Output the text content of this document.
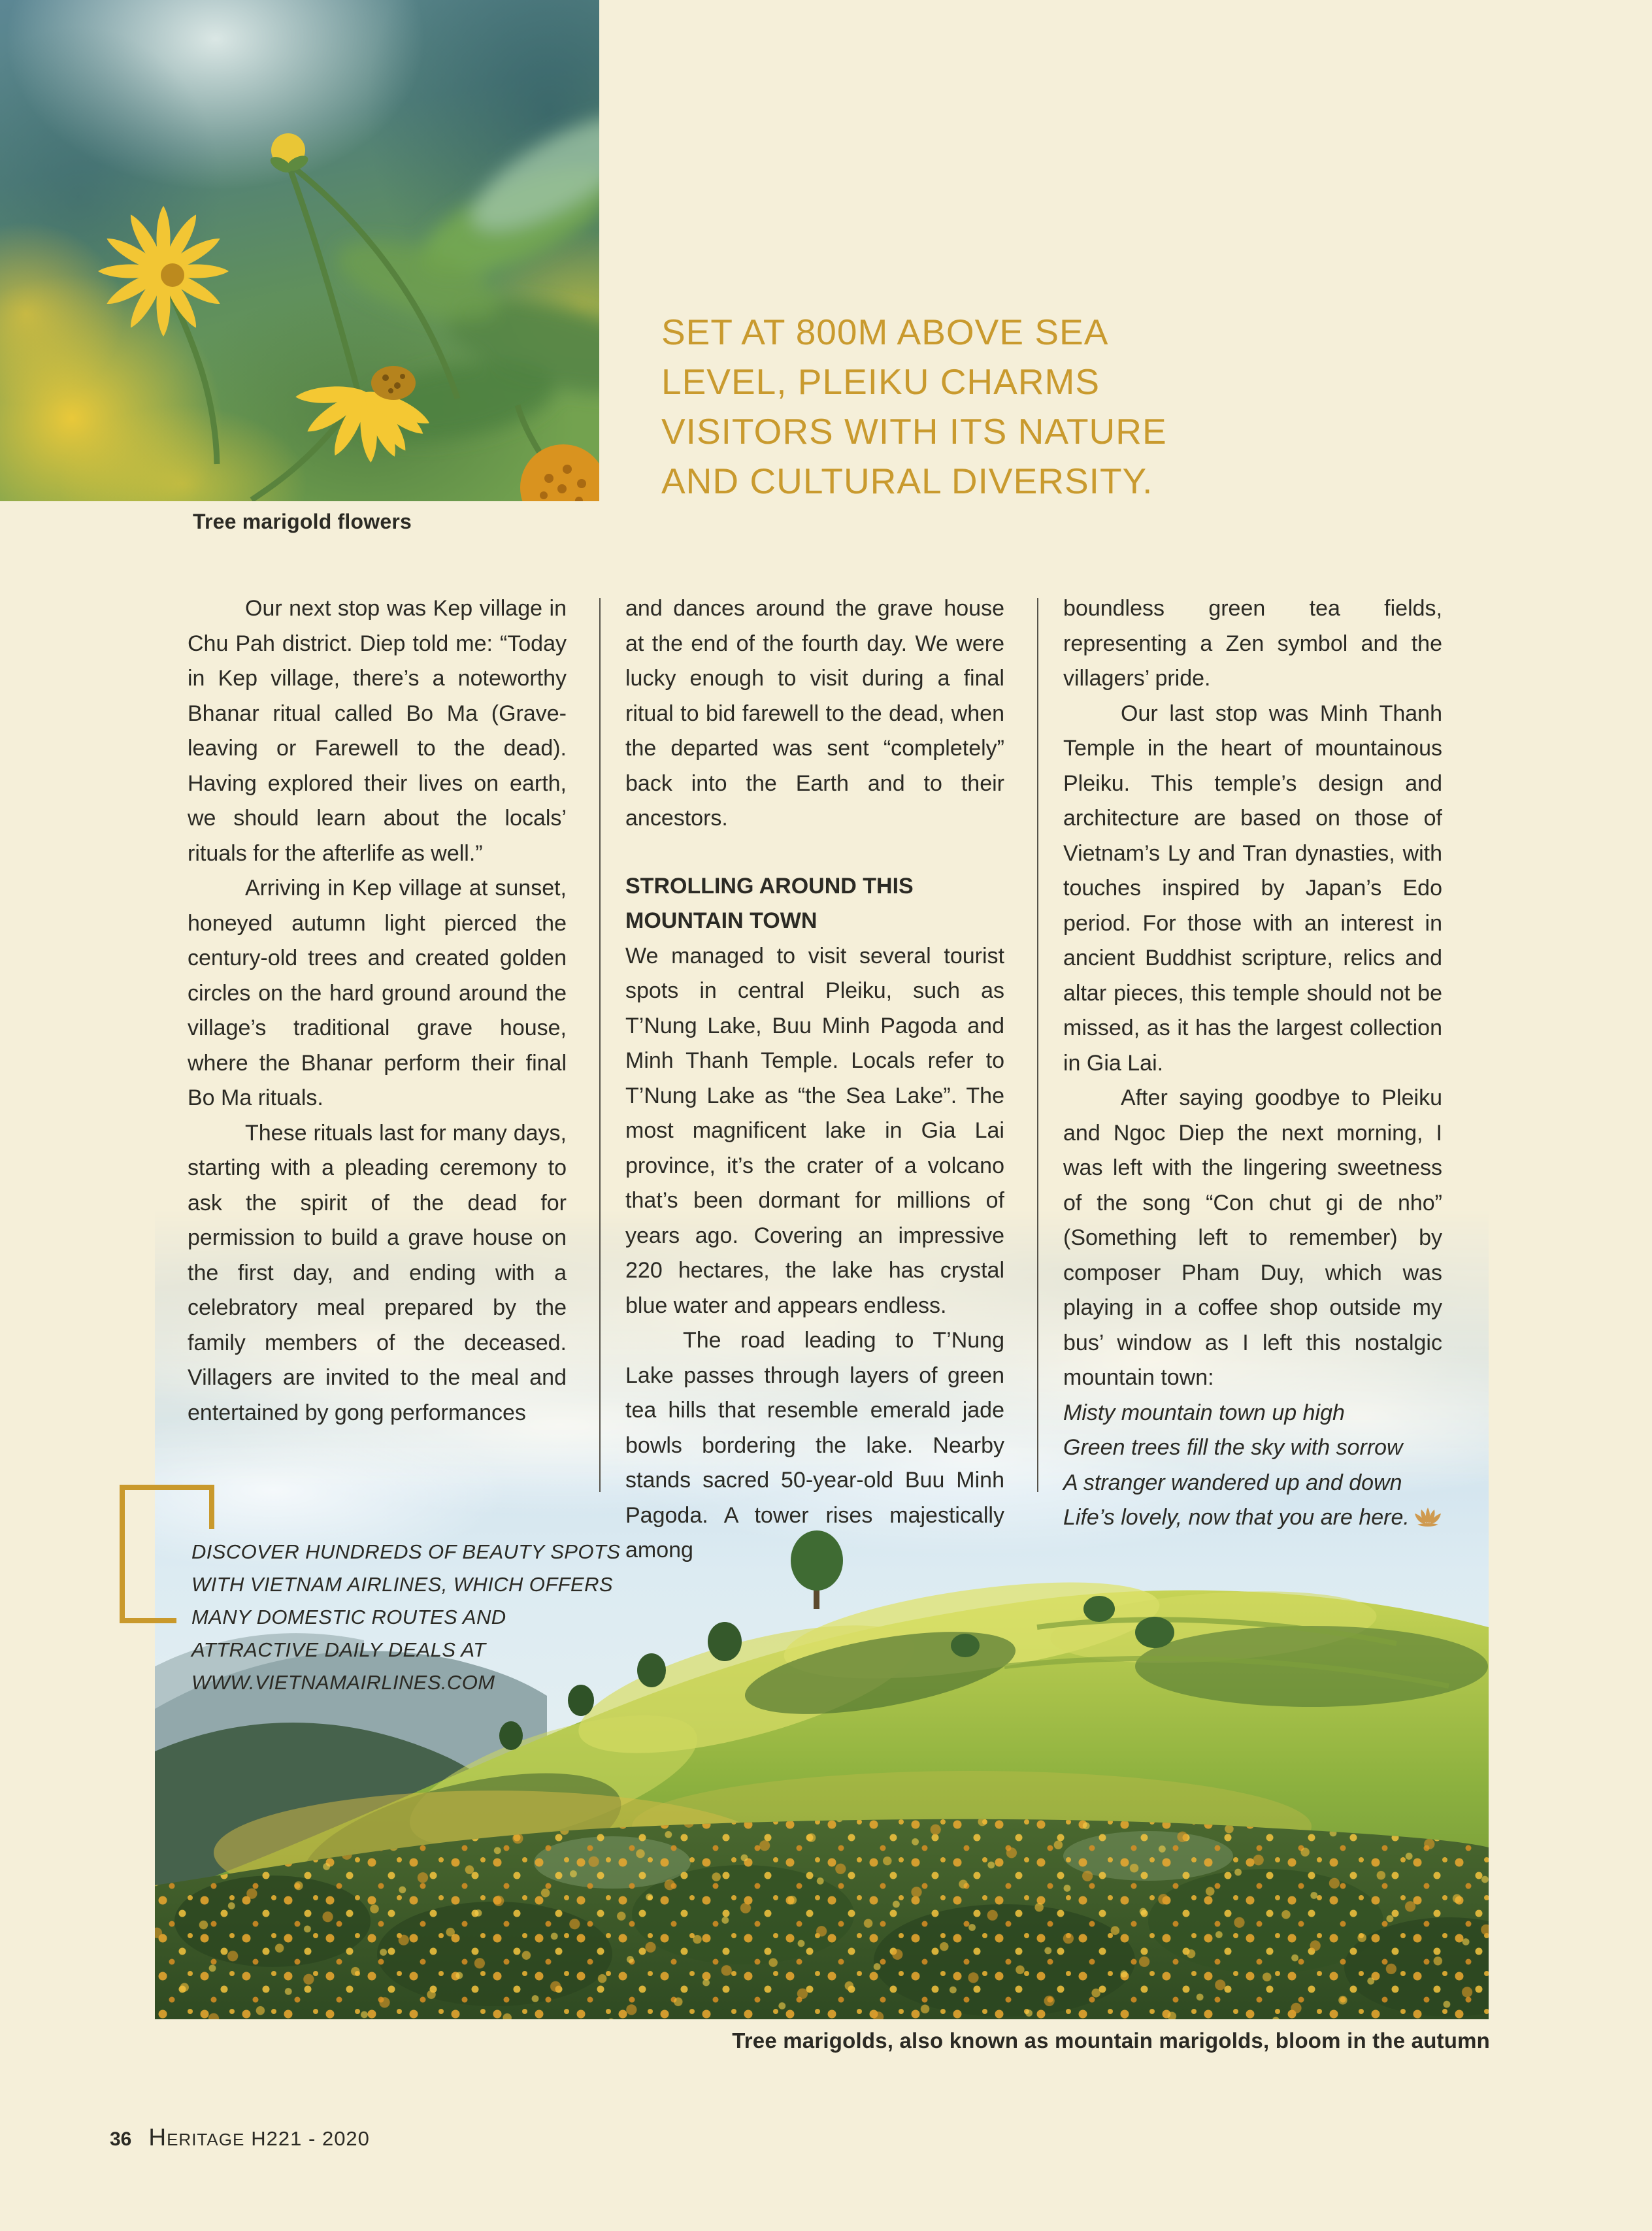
Tree marigold flowers
SET AT 800M ABOVE SEA
LEVEL, PLEIKU CHARMS
VISITORS WITH ITS NATURE
AND CULTURAL DIVERSITY.

Our next stop was Kep village in Chu Pah district. Diep told me: “Today in Kep village, there’s a noteworthy Bhanar ritual called Bo Ma (Grave-leaving or Farewell to the dead). Having explored their lives on earth, we should learn about the locals’ rituals for the afterlife as well.”

Arriving in Kep village at sunset, honeyed autumn light pierced the century-old trees and created golden circles on the hard ground around the village’s traditional grave house, where the Bhanar perform their final Bo Ma rituals.

These rituals last for many days, starting with a pleading ceremony to ask the spirit of the dead for permission to build a grave house on the first day, and ending with a celebratory meal prepared by the family members of the deceased. Villagers are invited to the meal and entertained by gong performances

and dances around the grave house at the end of the fourth day. We were lucky enough to visit during a final ritual to bid farewell to the dead, when the departed was sent “completely” back into the Earth and to their ancestors.

STROLLING AROUND THIS
MOUNTAIN TOWN

We managed to visit several tourist spots in central Pleiku, such as T’Nung Lake, Buu Minh Pagoda and Minh Thanh Temple. Locals refer to T’Nung Lake as “the Sea Lake”. The most magnificent lake in Gia Lai province, it’s the crater of a volcano that’s been dormant for millions of years ago. Covering an impressive 220 hectares, the lake has crystal blue water and appears endless.

The road leading to T’Nung Lake passes through layers of green tea hills that resemble emerald jade bowls bordering the lake. Nearby stands sacred 50-year-old Buu Minh Pagoda. A tower rises majestically among

boundless green tea fields, representing a Zen symbol and the villagers’ pride.

Our last stop was Minh Thanh Temple in the heart of mountainous Pleiku. This temple’s design and architecture are based on those of Vietnam’s Ly and Tran dynasties, with touches inspired by Japan’s Edo period. For those with an interest in ancient Buddhist scripture, relics and altar pieces, this temple should not be missed, as it has the largest collection in Gia Lai.

After saying goodbye to Pleiku and Ngoc Diep the next morning, I was left with the lingering sweetness of the song “Con chut gi de nho” (Something left to remember) by composer Pham Duy, which was playing in a coffee shop outside my bus’ window as I left this nostalgic mountain town:

Misty mountain town up high
Green trees fill the sky with sorrow
A stranger wandered up and down
Life’s lovely, now that you are here.
DISCOVER HUNDREDS OF BEAUTY SPOTS
WITH VIETNAM AIRLINES, WHICH OFFERS
MANY DOMESTIC ROUTES AND
ATTRACTIVE DAILY DEALS AT
WWW.VIETNAMAIRLINES.COM
Tree marigolds, also known as mountain marigolds, bloom in the autumn
36 Heritage H221 - 2020
